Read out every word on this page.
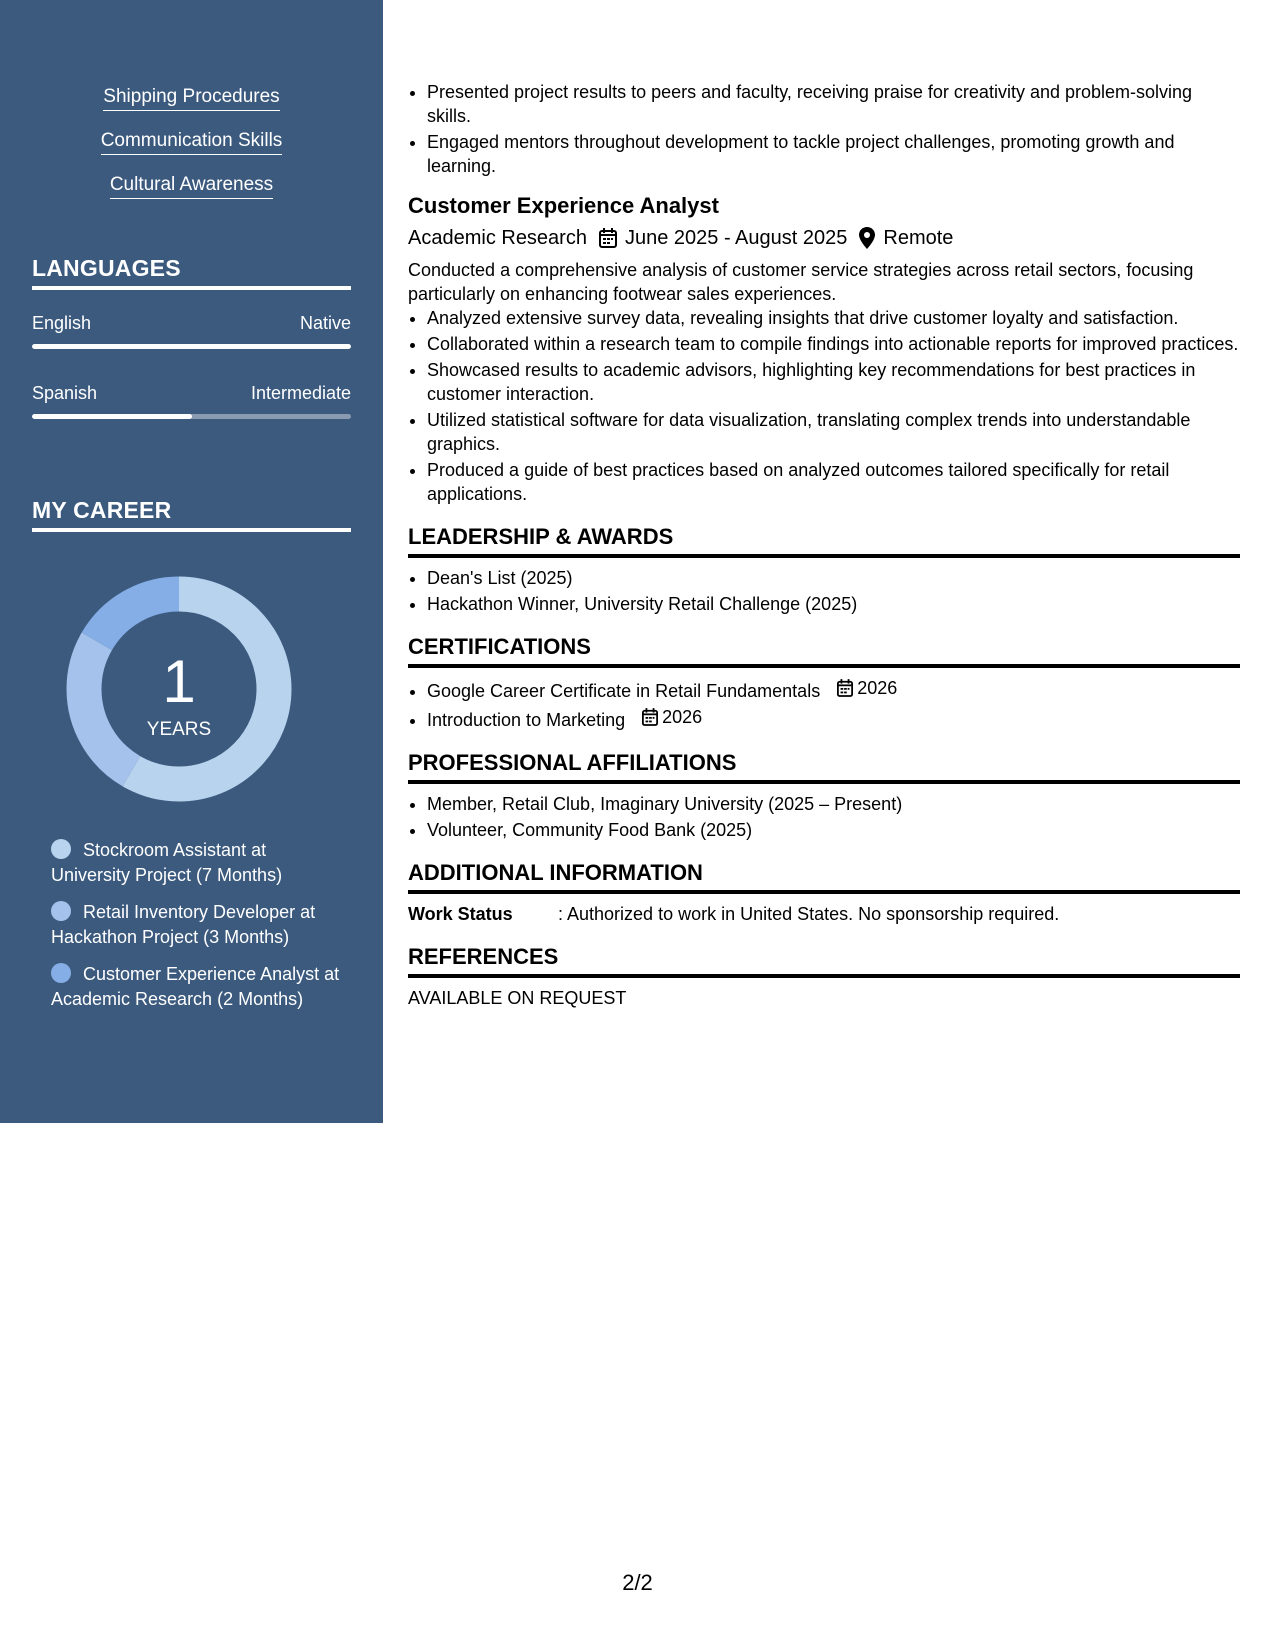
Shipping Procedures
Communication Skills
Cultural Awareness
LANGUAGES
English	Native
Spanish	Intermediate
MY CAREER
1
YEARS
Stockroom Assistant at University Project (7 Months)
Retail Inventory Developer at Hackathon Project (3 Months)
Customer Experience Analyst at Academic Research (2 Months)
• Presented project results to peers and faculty, receiving praise for creativity and problem-solving skills.
• Engaged mentors throughout development to tackle project challenges, promoting growth and learning.
Customer Experience Analyst
Academic Research June 2025 - August 2025 Remote
Conducted a comprehensive analysis of customer service strategies across retail sectors, focusing particularly on enhancing footwear sales experiences.
• Analyzed extensive survey data, revealing insights that drive customer loyalty and satisfaction.
• Collaborated within a research team to compile findings into actionable reports for improved practices.
• Showcased results to academic advisors, highlighting key recommendations for best practices in customer interaction.
• Utilized statistical software for data visualization, translating complex trends into understandable graphics.
• Produced a guide of best practices based on analyzed outcomes tailored specifically for retail applications.
LEADERSHIP & AWARDS
• Dean's List (2025)
• Hackathon Winner, University Retail Challenge (2025)
CERTIFICATIONS
• Google Career Certificate in Retail Fundamentals 2026
• Introduction to Marketing 2026
PROFESSIONAL AFFILIATIONS
• Member, Retail Club, Imaginary University (2025 – Present)
• Volunteer, Community Food Bank (2025)
ADDITIONAL INFORMATION
Work Status	: Authorized to work in United States. No sponsorship required.
REFERENCES
AVAILABLE ON REQUEST
2/2
